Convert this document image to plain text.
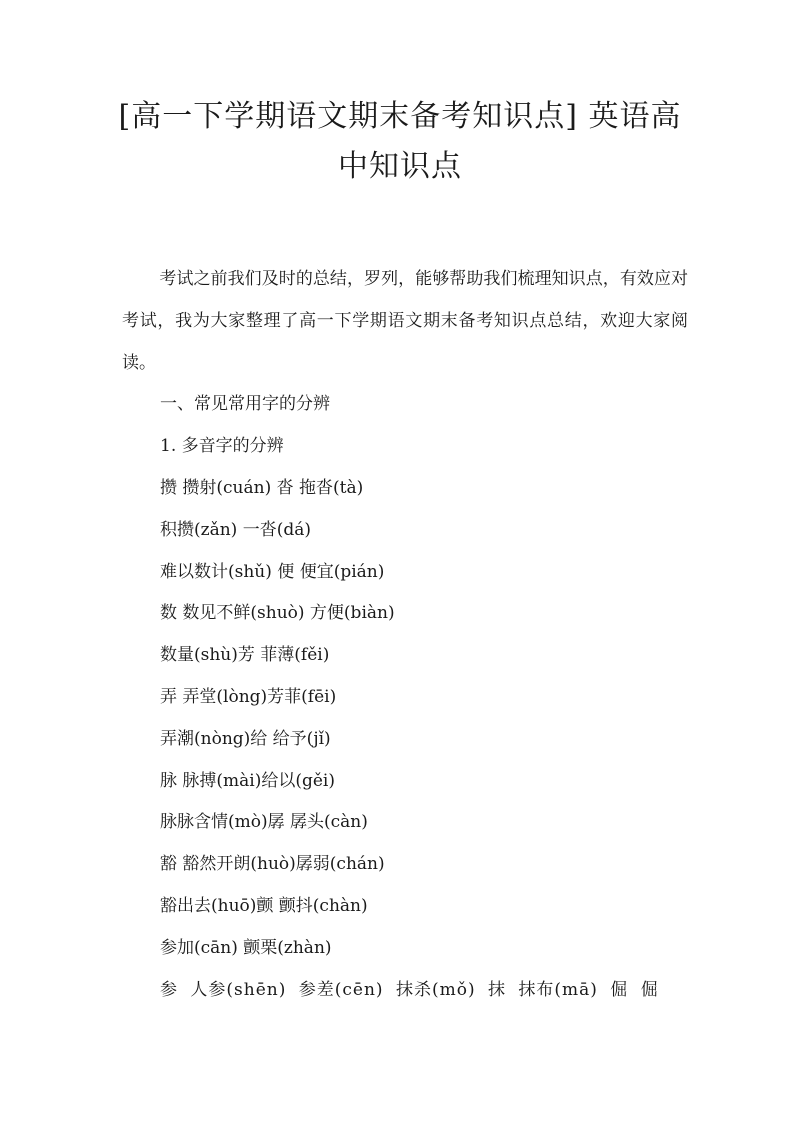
[高一下学期语文期末备考知识点] 英语高
中知识点

考试之前我们及时的总结，罗列，能够帮助我们梳理知识点，有效应对考试，我为大家整理了高一下学期语文期末备考知识点总结，欢迎大家阅读。

一、常见常用字的分辨

1. 多音字的分辨

攒 攒射(cuán) 沓 拖沓(tà)

积攒(zǎn) 一沓(dá)

难以数计(shǔ) 便 便宜(pián)

数 数见不鲜(shuò) 方便(biàn)

数量(shù)芳 菲薄(fěi)

弄 弄堂(lòng)芳菲(fēi)

弄潮(nòng)给 给予(jǐ)

脉 脉搏(mài)给以(gěi)

脉脉含情(mò)孱 孱头(càn)

豁 豁然开朗(huò)孱弱(chán)

豁出去(huō)颤 颤抖(chàn)

参加(cān) 颤栗(zhàn)

参 人参(shēn) 参差(cēn) 抹杀(mǒ) 抹 抹布(mā) 倔 倔
